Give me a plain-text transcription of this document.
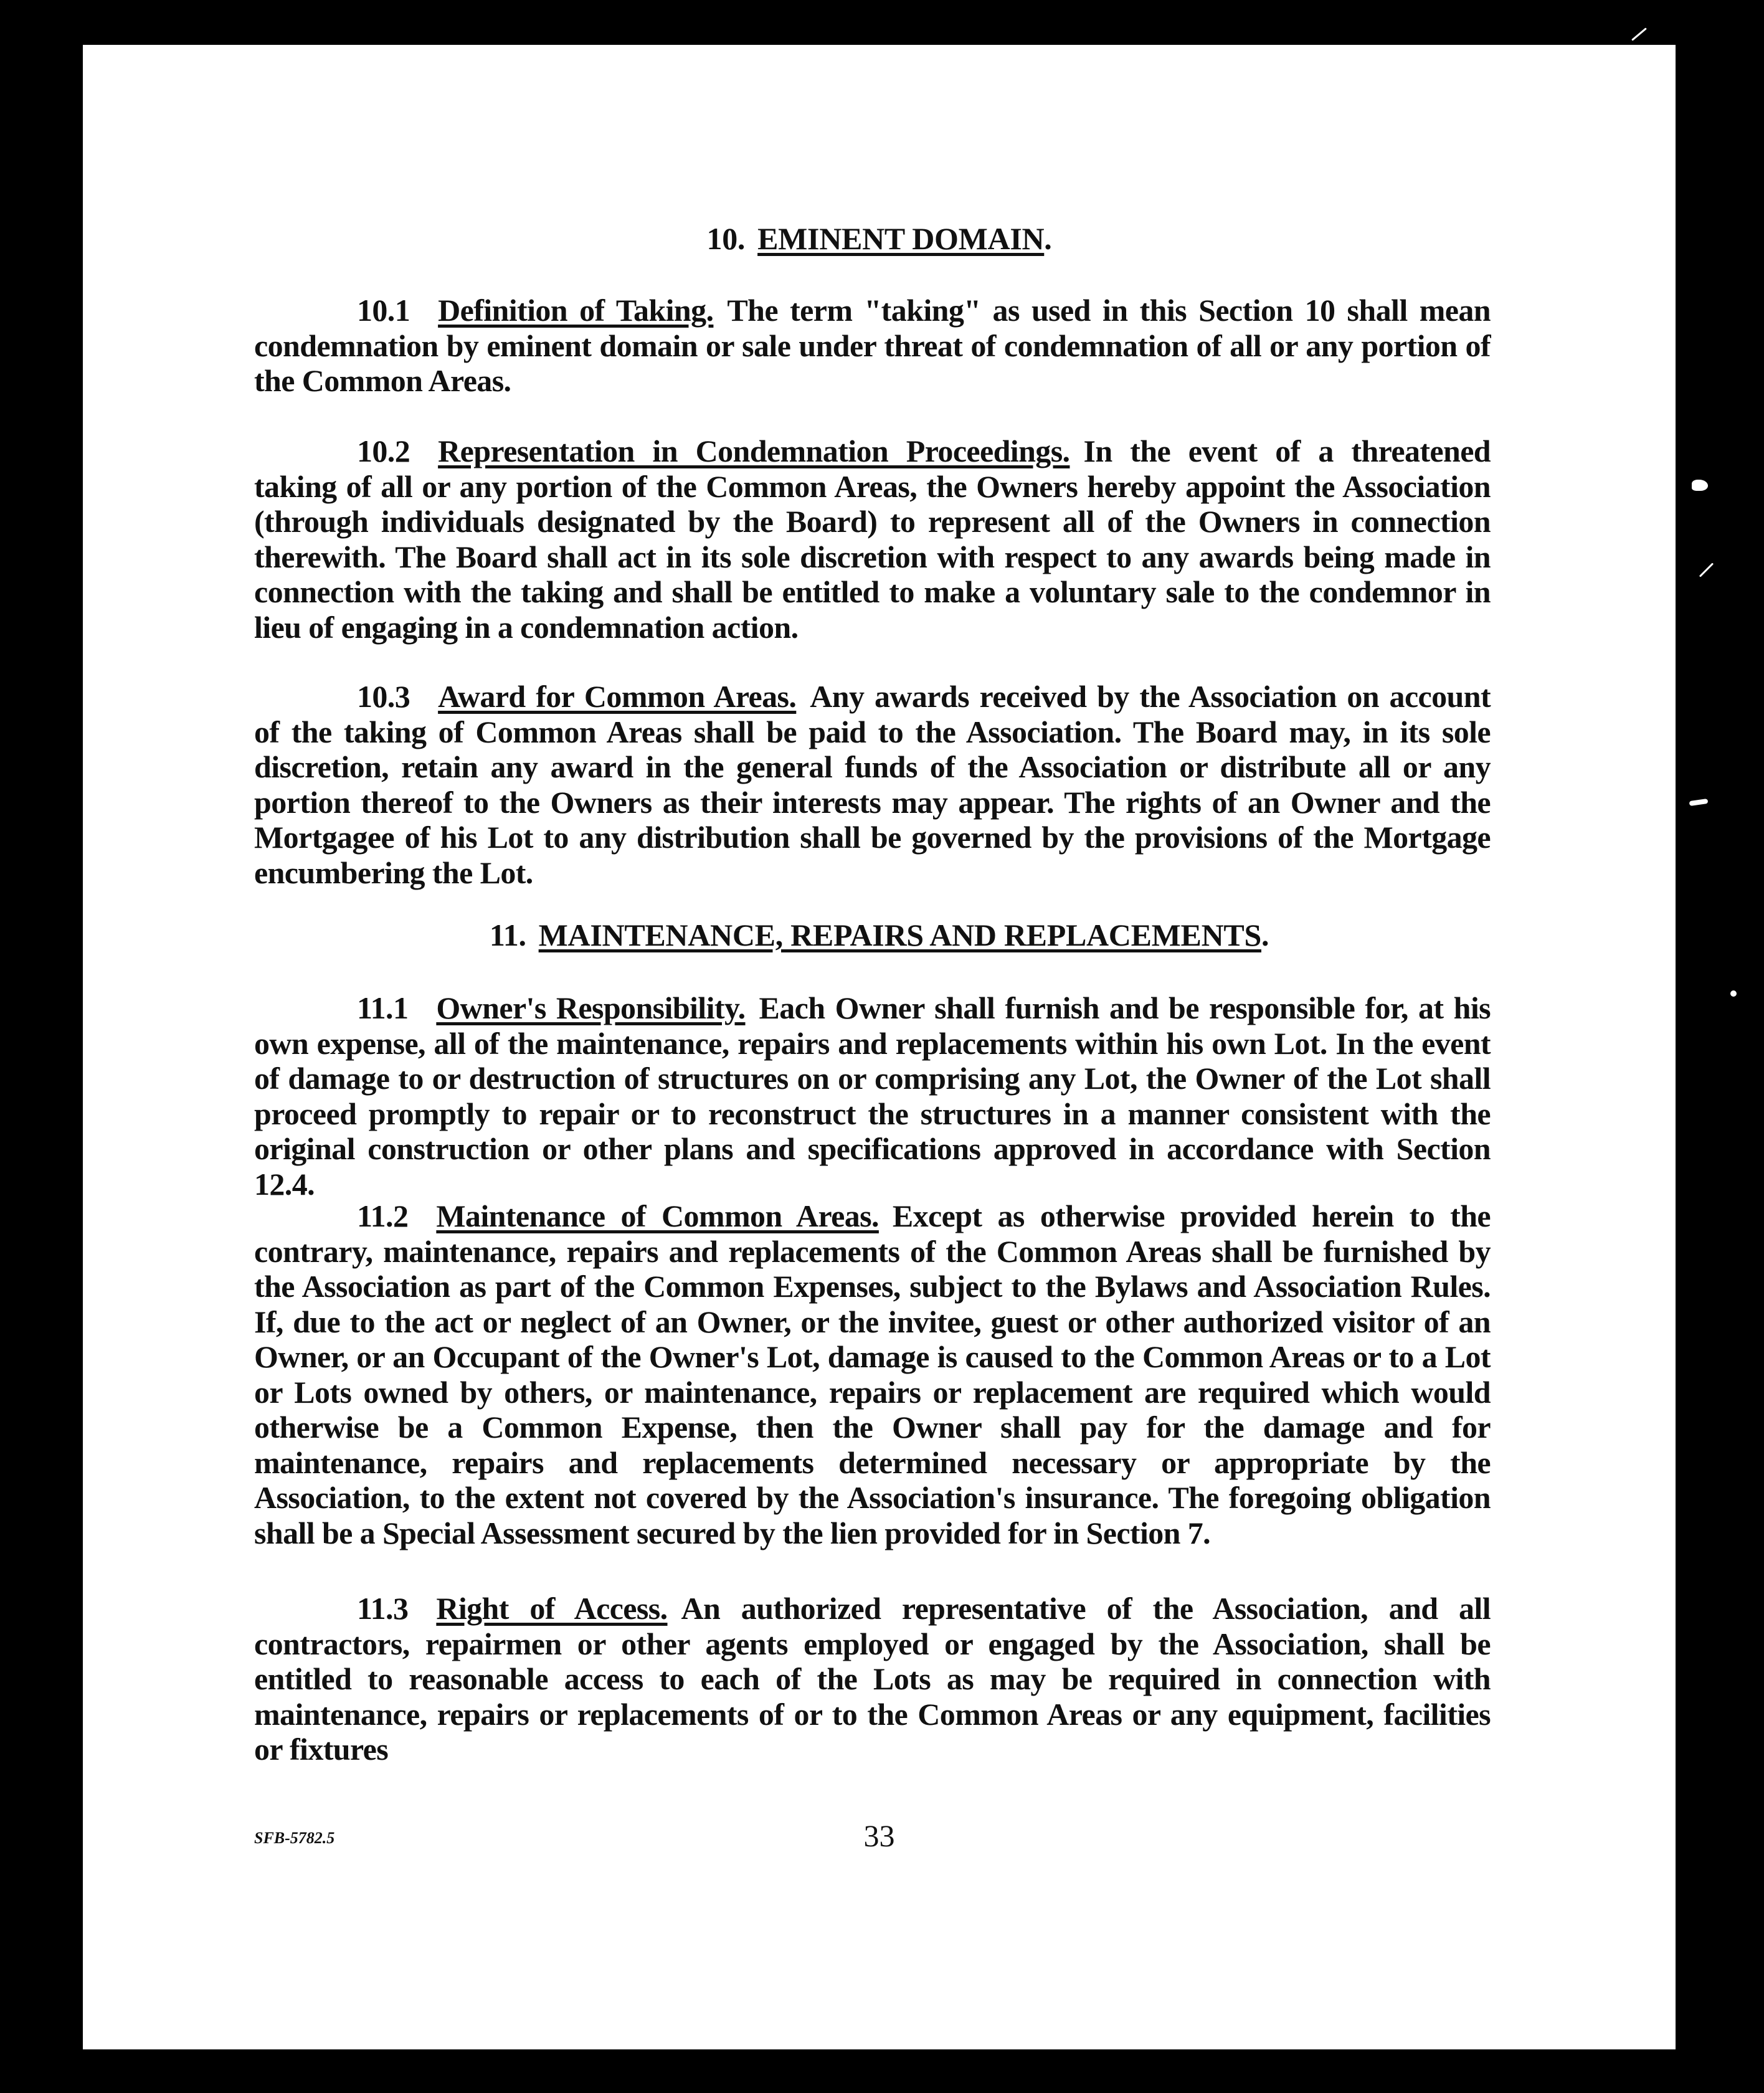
10. EMINENT DOMAIN.
10.1 Definition of Taking. The term "taking" as used in this Section 10 shall mean condemnation by eminent domain or sale under threat of condemnation of all or any portion of the Common Areas.
10.2 Representation in Condemnation Proceedings. In the event of a threatened taking of all or any portion of the Common Areas, the Owners hereby appoint the Association (through individuals designated by the Board) to represent all of the Owners in connection therewith. The Board shall act in its sole discretion with respect to any awards being made in connection with the taking and shall be entitled to make a voluntary sale to the condemnor in lieu of engaging in a condemnation action.
10.3 Award for Common Areas. Any awards received by the Association on account of the taking of Common Areas shall be paid to the Association. The Board may, in its sole discretion, retain any award in the general funds of the Association or distribute all or any portion thereof to the Owners as their interests may appear. The rights of an Owner and the Mortgagee of his Lot to any distribution shall be governed by the provisions of the Mortgage encumbering the Lot.
11. MAINTENANCE, REPAIRS AND REPLACEMENTS.
11.1 Owner's Responsibility. Each Owner shall furnish and be responsible for, at his own expense, all of the maintenance, repairs and replacements within his own Lot. In the event of damage to or destruction of structures on or comprising any Lot, the Owner of the Lot shall proceed promptly to repair or to reconstruct the structures in a manner consistent with the original construction or other plans and specifications approved in accordance with Section 12.4.
11.2 Maintenance of Common Areas. Except as otherwise provided herein to the contrary, maintenance, repairs and replacements of the Common Areas shall be furnished by the Association as part of the Common Expenses, subject to the Bylaws and Association Rules. If, due to the act or neglect of an Owner, or the invitee, guest or other authorized visitor of an Owner, or an Occupant of the Owner's Lot, damage is caused to the Common Areas or to a Lot or Lots owned by others, or maintenance, repairs or replacement are required which would otherwise be a Common Expense, then the Owner shall pay for the damage and for maintenance, repairs and replacements determined necessary or appropriate by the Association, to the extent not covered by the Association's insurance. The foregoing obligation shall be a Special Assessment secured by the lien provided for in Section 7.
11.3 Right of Access. An authorized representative of the Association, and all contractors, repairmen or other agents employed or engaged by the Association, shall be entitled to reasonable access to each of the Lots as may be required in connection with maintenance, repairs or replacements of or to the Common Areas or any equipment, facilities or fixtures
SFB-5782.5	33
